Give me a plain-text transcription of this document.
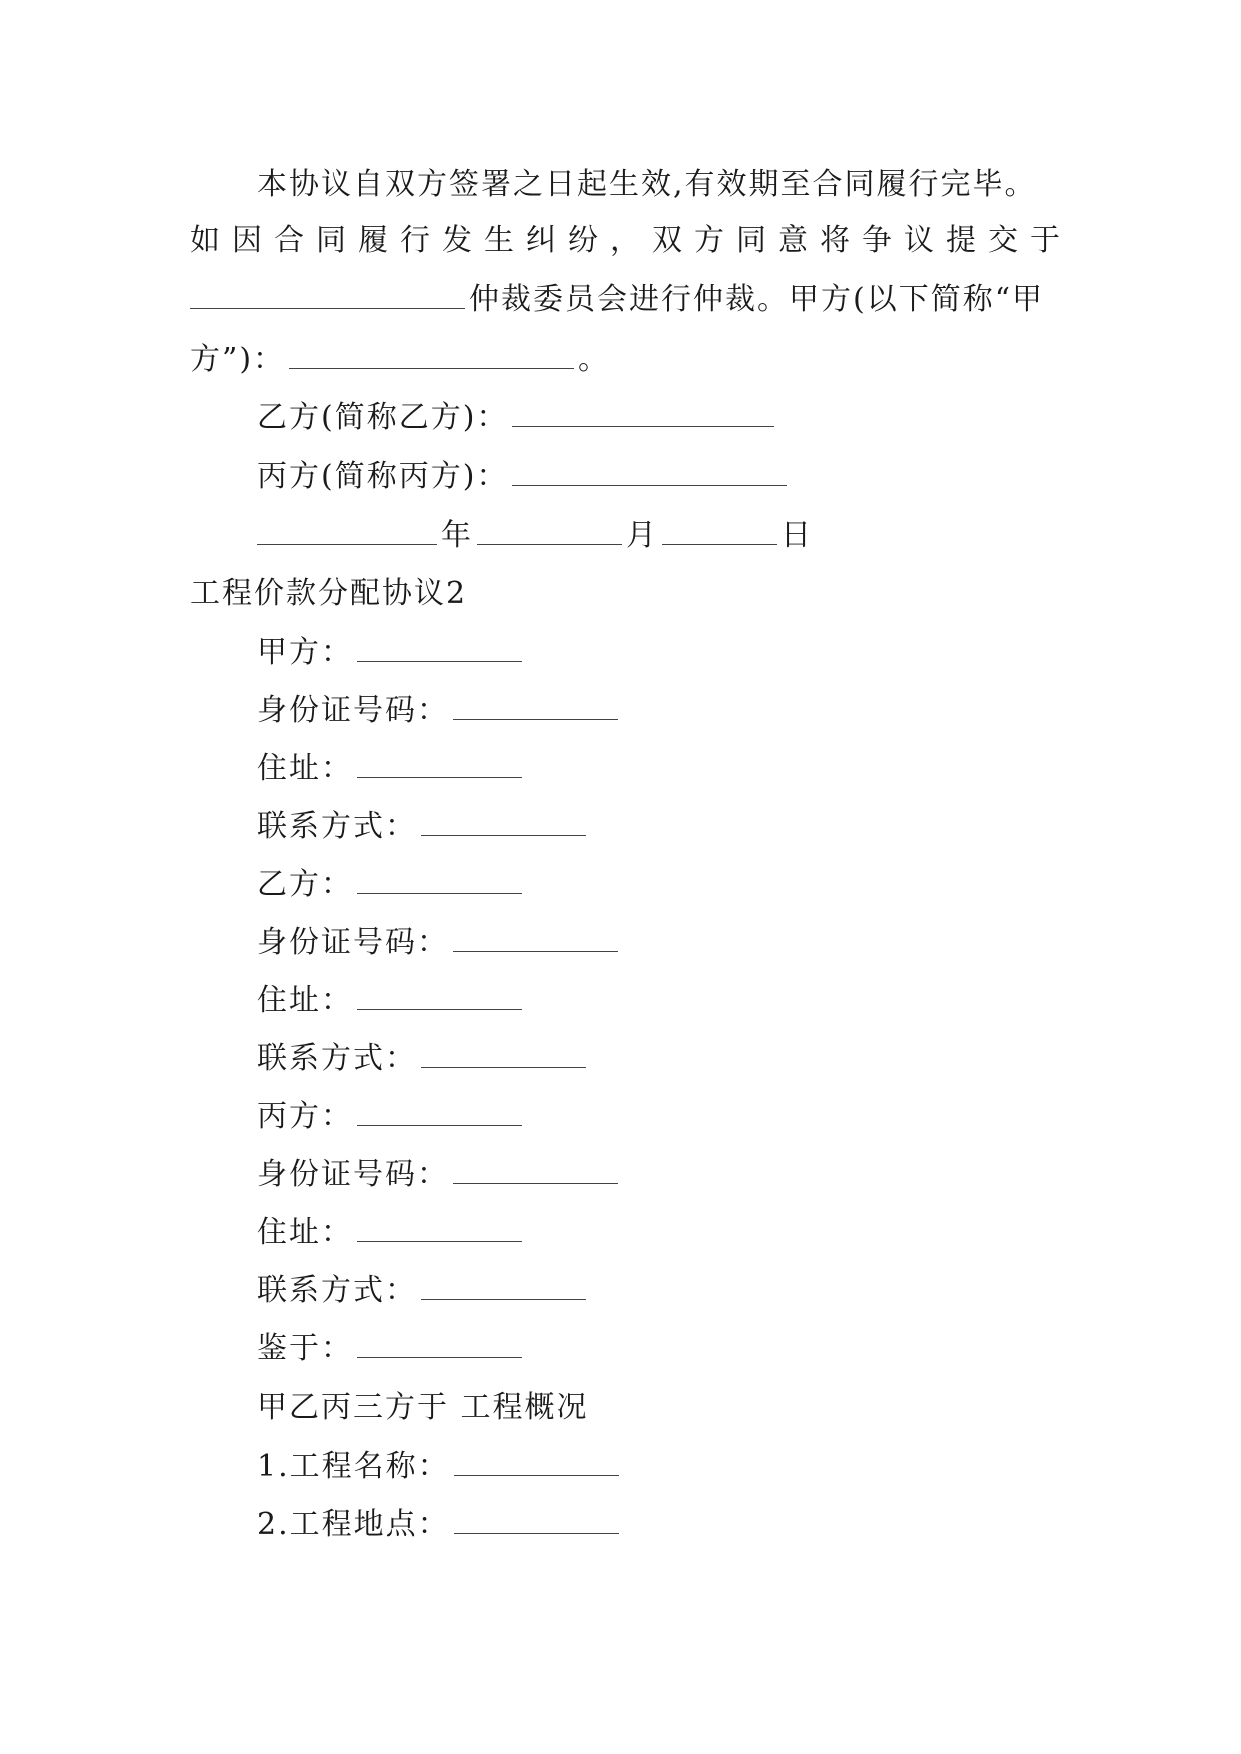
本协议自双方签署之日起生效,有效期至合同履行完毕。
如因合同履行发生纠纷，双方同意将争议提交于
仲裁委员会进行仲裁。甲方(以下简称“甲
方”)：	。
乙方(简称乙方)：
丙方(简称丙方)：
年	月	日
工程价款分配协议2
甲方：
身份证号码：
住址：
联系方式：
乙方：
身份证号码：
住址：
联系方式：
丙方：
身份证号码：
住址：
联系方式：
鉴于：
甲乙丙三方于 工程概况
1.工程名称：
2.工程地点：
